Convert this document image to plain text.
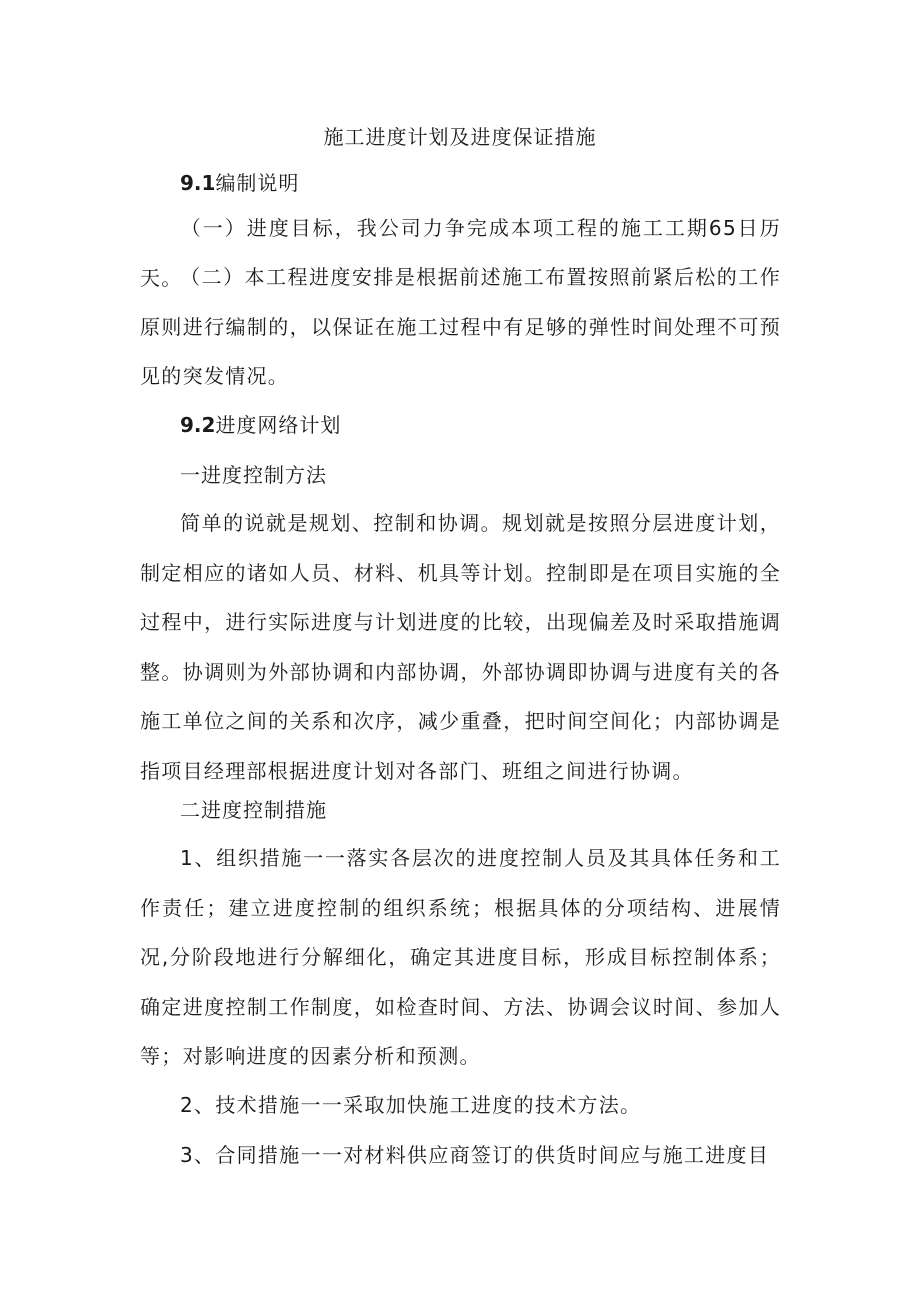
施工进度计划及进度保证措施
9.1编制说明

（一）进度目标，我公司力争完成本项工程的施工工期65日历天。

（二）本工程进度安排是根据前述施工布置按照前紧后松的工作原则进行编制的，以保证在施工过程中有足够的弹性时间处理不可预见的突发情况。

9.2进度网络计划
一进度控制方法

简单的说就是规划、控制和协调。规划就是按照分层进度计划，制定相应的诸如人员、材料、机具等计划。控制即是在项目实施的全过程中，进行实际进度与计划进度的比较，出现偏差及时采取措施调整。协调则为外部协调和内部协调，外部协调即协调与进度有关的各施工单位之间的关系和次序，减少重叠，把时间空间化；内部协调是指项目经理部根据进度计划对各部门、班组之间进行协调。

二进度控制措施

1、组织措施一一落实各层次的进度控制人员及其具体任务和工作责任；建立进度控制的组织系统；根据具体的分项结构、进展情况,分阶段地进行分解细化，确定其进度目标，形成目标控制体系；确定进度控制工作制度，如检查时间、方法、协调会议时间、参加人等；对影响进度的因素分析和预测。

2、技术措施一一采取加快施工进度的技术方法。

3、合同措施一一对材料供应商签订的供货时间应与施工进度目
